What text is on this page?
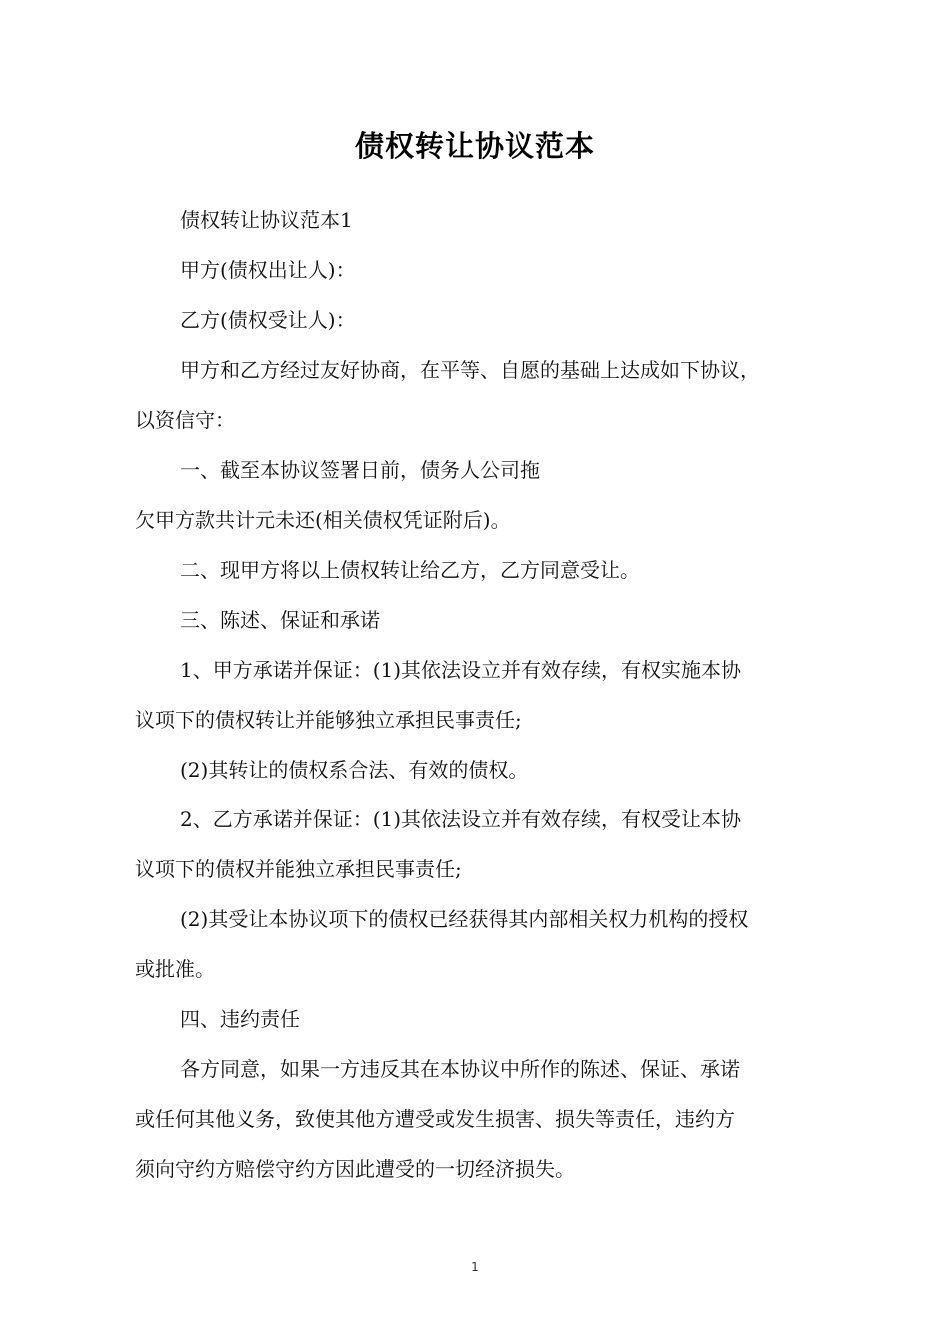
债权转让协议范本
债权转让协议范本1
甲方(债权出让人)：
乙方(债权受让人)：
甲方和乙方经过友好协商，在平等、自愿的基础上达成如下协议，
以资信守：
一、截至本协议签署日前，债务人公司拖
欠甲方款共计元未还(相关债权凭证附后)。
二、现甲方将以上债权转让给乙方，乙方同意受让。
三、陈述、保证和承诺
1、甲方承诺并保证：(1)其依法设立并有效存续，有权实施本协
议项下的债权转让并能够独立承担民事责任;
(2)其转让的债权系合法、有效的债权。
2、乙方承诺并保证：(1)其依法设立并有效存续，有权受让本协
议项下的债权并能独立承担民事责任;
(2)其受让本协议项下的债权已经获得其内部相关权力机构的授权
或批准。
四、违约责任
各方同意，如果一方违反其在本协议中所作的陈述、保证、承诺
或任何其他义务，致使其他方遭受或发生损害、损失等责任，违约方
须向守约方赔偿守约方因此遭受的一切经济损失。
1
